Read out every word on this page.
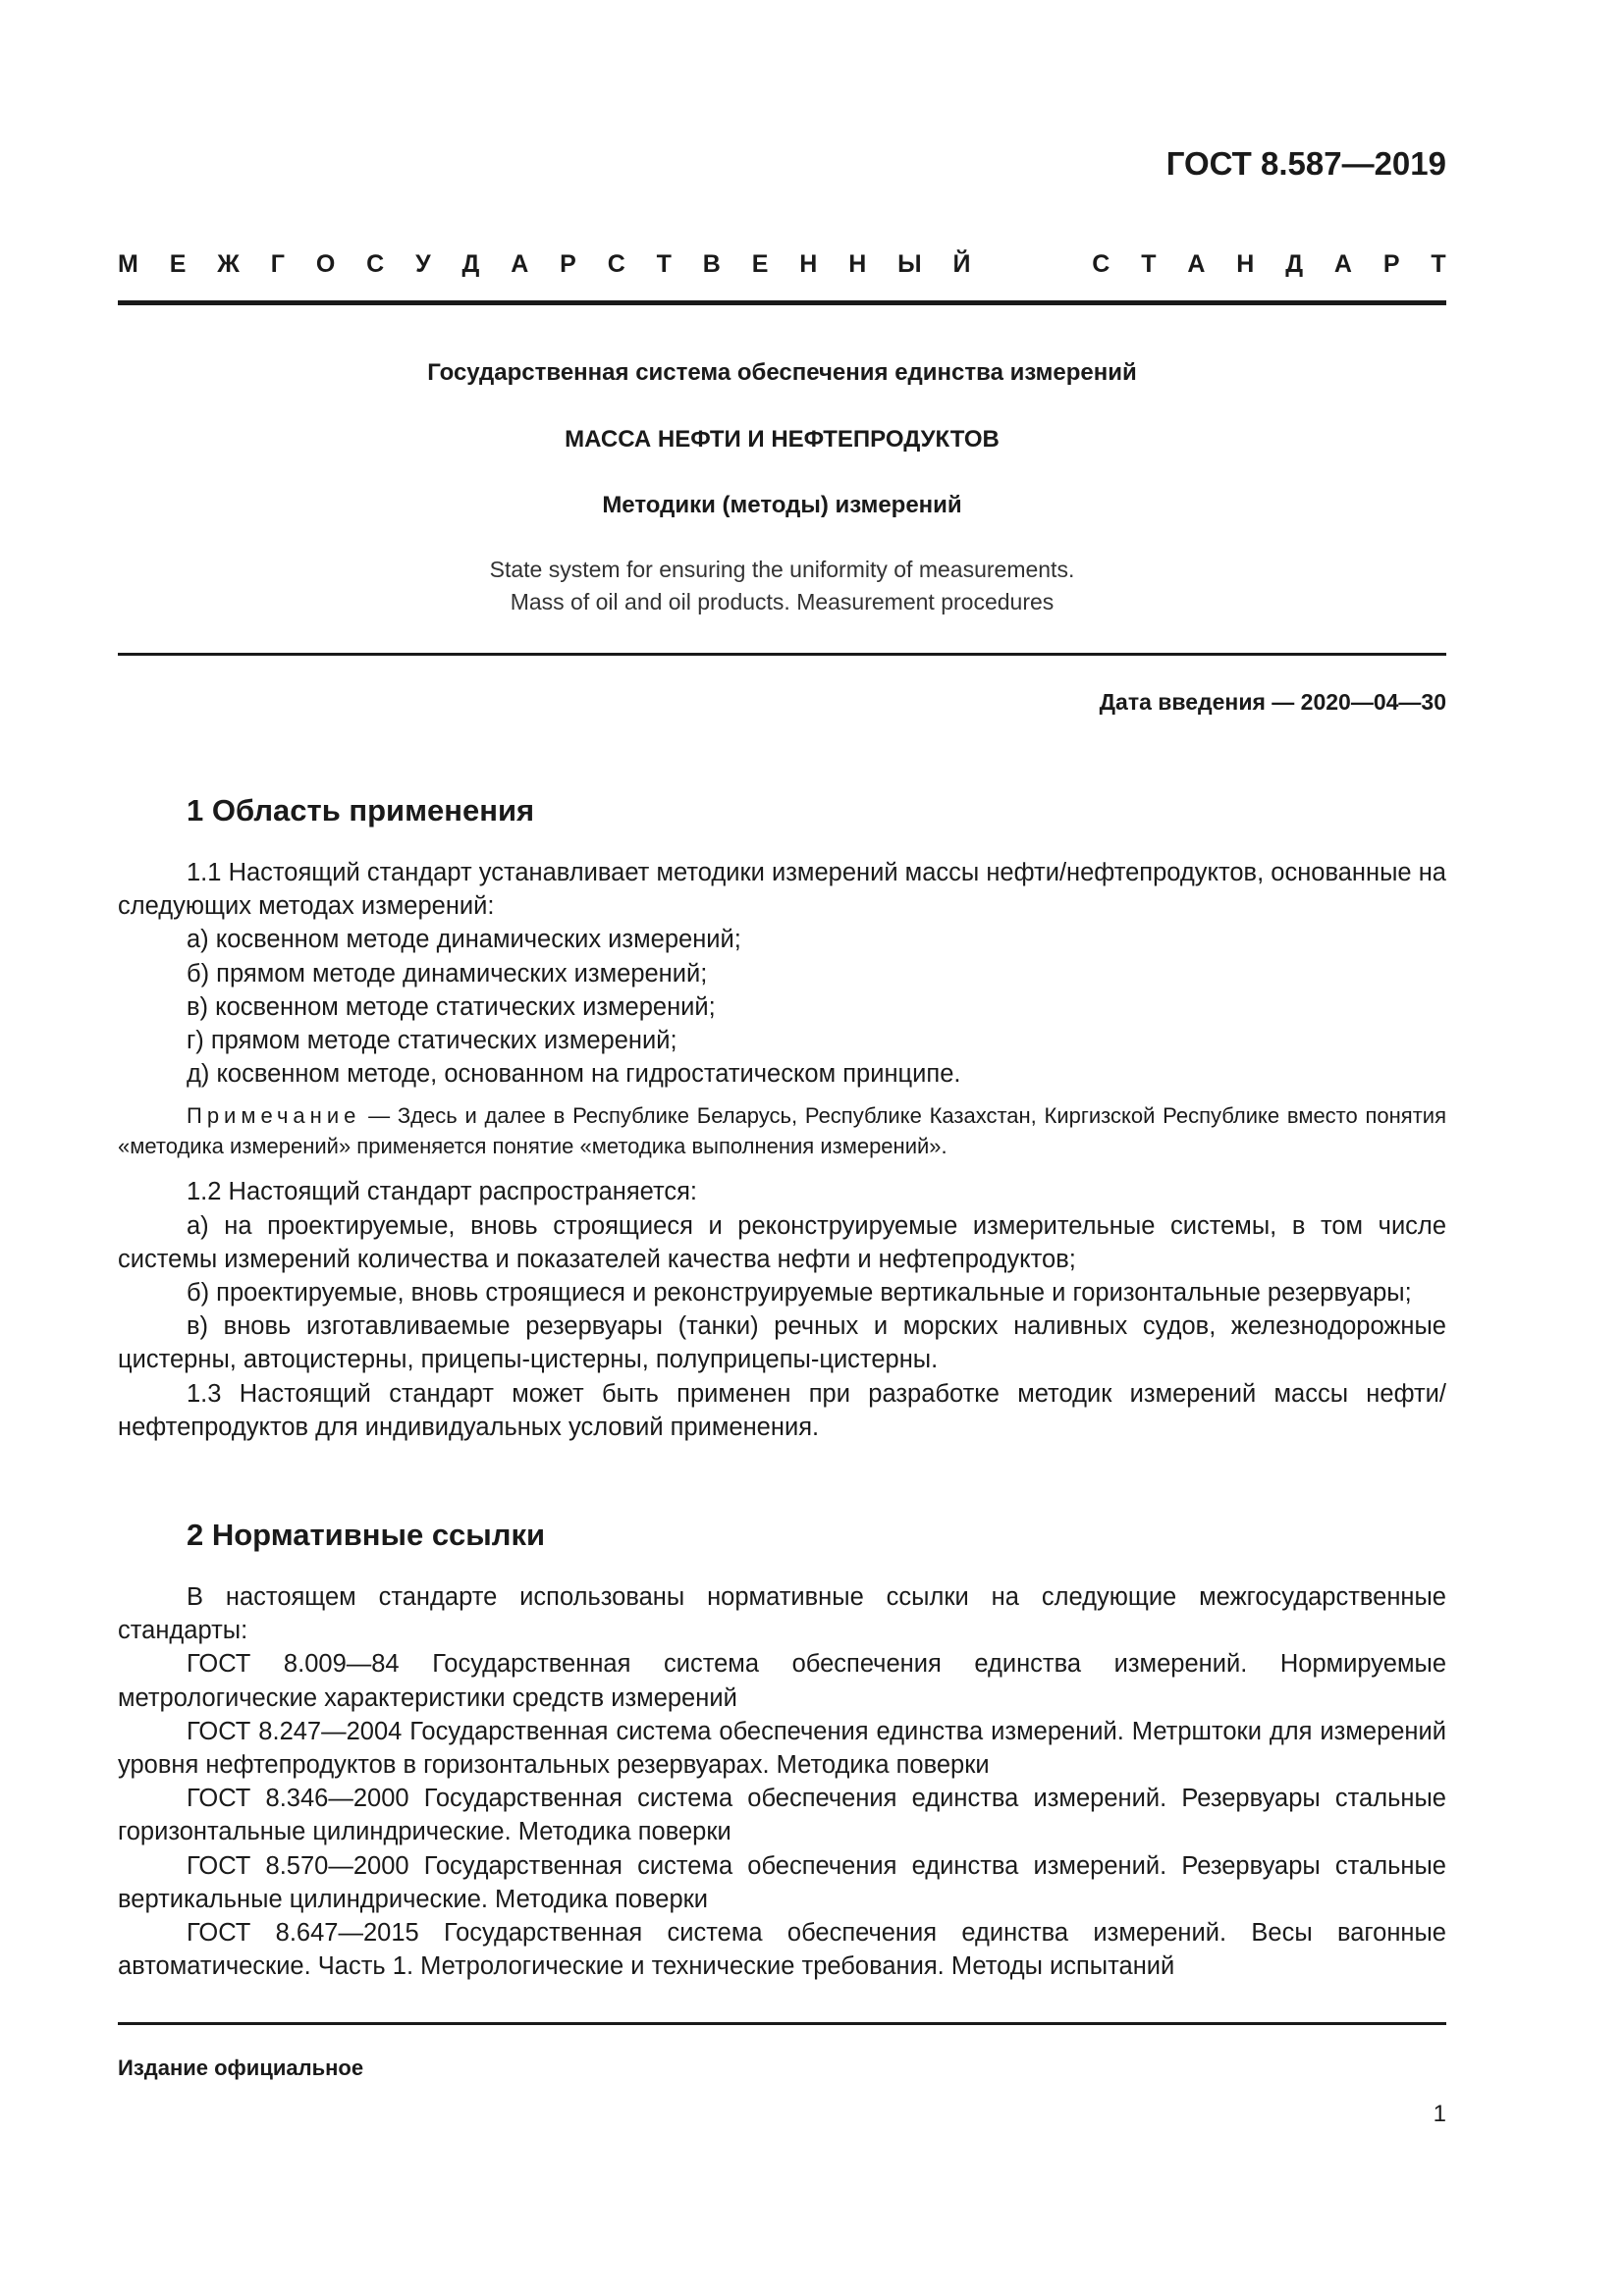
ГОСТ 8.587—2019
М Е Ж Г О С У Д А Р С Т В Е Н Н Ы Й	С Т А Н Д А Р Т
Государственная система обеспечения единства измерений
МАССА НЕФТИ И НЕФТЕПРОДУКТОВ
Методики (методы) измерений
State system for ensuring the uniformity of measurements.
Mass of oil and oil products. Measurement procedures
Дата введения — 2020—04—30
1 Область применения

1.1 Настоящий стандарт устанавливает методики измерений массы нефти/нефтепродуктов, основанные на следующих методах измерений:

а) косвенном методе динамических измерений;

б) прямом методе динамических измерений;

в) косвенном методе статических измерений;

г) прямом методе статических измерений;

д) косвенном методе, основанном на гидростатическом принципе.

Примечание — Здесь и далее в Республике Беларусь, Республике Казахстан, Киргизской Республике вместо понятия «методика измерений» применяется понятие «методика выполнения измерений».

1.2 Настоящий стандарт распространяется:

а) на проектируемые, вновь строящиеся и реконструируемые измерительные системы, в том числе системы измерений количества и показателей качества нефти и нефтепродуктов;

б) проектируемые, вновь строящиеся и реконструируемые вертикальные и горизонтальные резервуары;

в) вновь изготавливаемые резервуары (танки) речных и морских наливных судов, железнодорожные цистерны, автоцистерны, прицепы-цистерны, полуприцепы-цистерны.

1.3 Настоящий стандарт может быть применен при разработке методик измерений массы нефти/нефтепродуктов для индивидуальных условий применения.

2 Нормативные ссылки

В настоящем стандарте использованы нормативные ссылки на следующие межгосударственные стандарты:

ГОСТ 8.009—84 Государственная система обеспечения единства измерений. Нормируемые метрологические характеристики средств измерений

ГОСТ 8.247—2004 Государственная система обеспечения единства измерений. Метрштоки для измерений уровня нефтепродуктов в горизонтальных резервуарах. Методика поверки

ГОСТ 8.346—2000 Государственная система обеспечения единства измерений. Резервуары стальные горизонтальные цилиндрические. Методика поверки

ГОСТ 8.570—2000 Государственная система обеспечения единства измерений. Резервуары стальные вертикальные цилиндрические. Методика поверки

ГОСТ 8.647—2015 Государственная система обеспечения единства измерений. Весы вагонные автоматические. Часть 1. Метрологические и технические требования. Методы испытаний

Издание официальное
1
